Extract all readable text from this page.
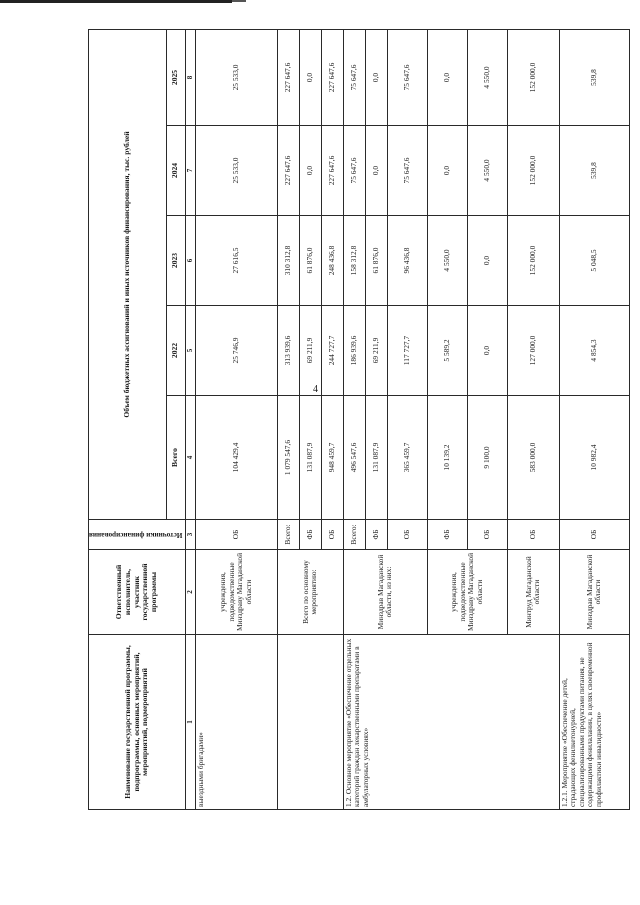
4
Наименование государственной программы, подпрограммы, основных мероприятий, мероприятий, подмероприятий	Ответственный исполнитель, участник государственной программы	Источники финансирования	Объем бюджетных ассигнований и иных источников финансирования, тыс. рублей				
			Всего	2022	2023	2024	2025
1	2	3	4	5	6	7	8
выездными бригадами»	учреждения, подведомственные Минздраву Магаданской области	ОБ	104 429,4	25 746,9	27 616,5	25 533,0	25 533,0
	Всего по основному мероприятию:	Всего:	1 079 547,6	313 939,6	310 312,8	227 647,6	227 647,6
		ФБ	131 087,9	69 211,9	61 876,0	0,0	0,0
		ОБ	948 459,7	244 727,7	248 436,8	227 647,6	227 647,6
1.2. Основное мероприятие «Обеспечение отдельных категорий граждан лекарственными препаратами в амбулаторных условиях»	Минздрав Магаданской области, из них:	Всего:	496 547,6	186 939,6	158 312,8	75 647,6	75 647,6
		ФБ	131 087,9	69 211,9	61 876,0	0,0	0,0
		ОБ	365 459,7	117 727,7	96 436,8	75 647,6	75 647,6
	учреждения, подведомственные Минздраву Магаданской области	ФБ	10 139,2	5 589,2	4 550,0	0,0	0,0
		ОБ	9 100,0	0,0	0,0	4 550,0	4 550,0
	Минтруд Магаданской области	ОБ	583 000,0	127 000,0	152 000,0	152 000,0	152 000,0
1.2.1. Мероприятие «Обеспечение детей, страдающих фенилкетонурией, специализированными продуктами питания, не содержащими фенилаланин, в целях своевременной профилактики инвалидности»	Минздрав Магаданской области	ОБ	10 982,4	4 854,3	5 048,5	539,8	539,8
